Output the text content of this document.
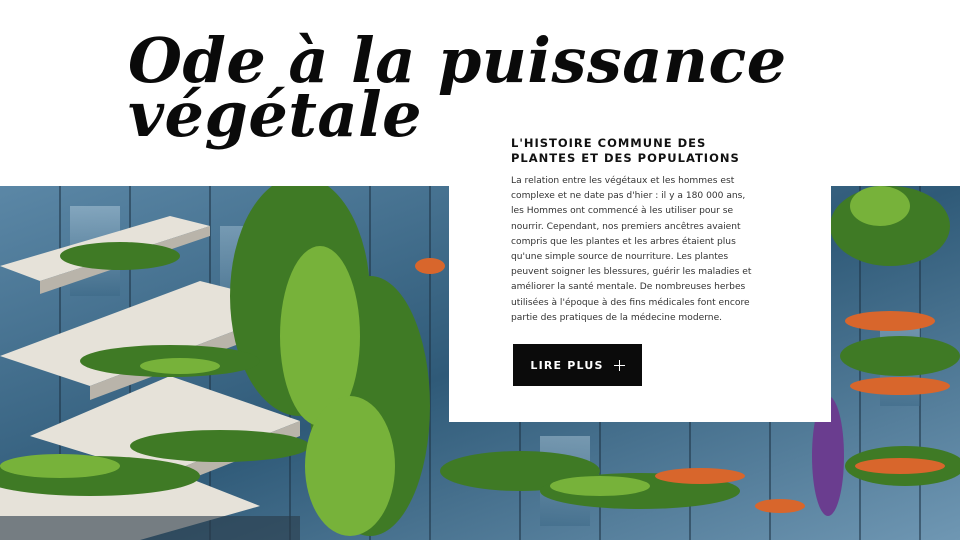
Ode à la puissance
végétale	L'HISTOIRE COMMUNE DES
PLANTES ET DES POPULATIONS

La relation entre les végétaux et les hommes est
complexe et ne date pas d'hier : il y a 180 000 ans,
les Hommes ont commencé à les utiliser pour se
nourrir. Cependant, nos premiers ancêtres avaient
compris que les plantes et les arbres étaient plus
qu'une simple source de nourriture. Les plantes
peuvent soigner les blessures, guérir les maladies et
améliorer la santé mentale. De nombreuses herbes
utilisées à l'époque à des fins médicales font encore
partie des pratiques de la médecine moderne.

LIRE PLUS
